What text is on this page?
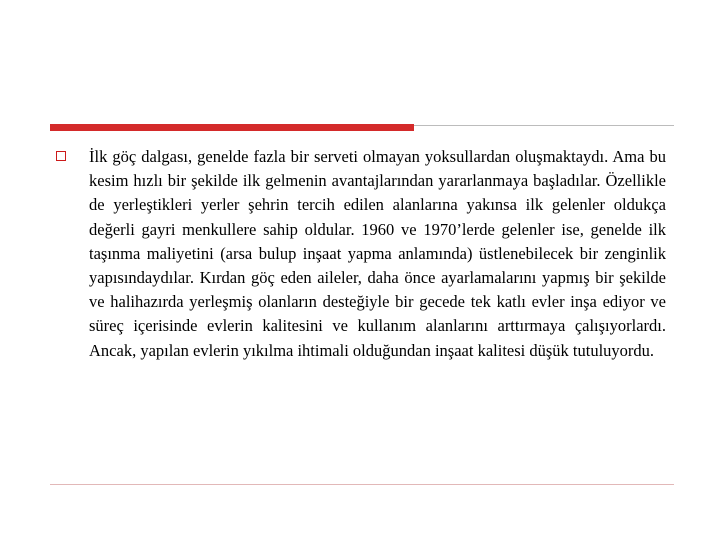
İlk göç dalgası, genelde fazla bir serveti olmayan yoksullardan oluşmaktaydı. Ama bu kesim hızlı bir şekilde ilk gelmenin avantajlarından yararlanmaya başladılar. Özellikle de yerleştikleri yerler şehrin tercih edilen alanlarına yakınsa ilk gelenler oldukça değerli gayri menkullere sahip oldular. 1960 ve 1970’lerde gelenler ise, genelde ilk taşınma maliyetini (arsa bulup inşaat yapma anlamında) üstlenebilecek bir zenginlik yapısındaydılar. Kırdan göç eden aileler, daha önce ayarlamalarını yapmış bir şekilde ve halihazırda yerleşmiş olanların desteğiyle bir gecede tek katlı evler inşa ediyor ve süreç içerisinde evlerin kalitesini ve kullanım alanlarını arttırmaya çalışıyorlardı. Ancak, yapılan evlerin yıkılma ihtimali olduğundan inşaat kalitesi düşük tutuluyordu.
